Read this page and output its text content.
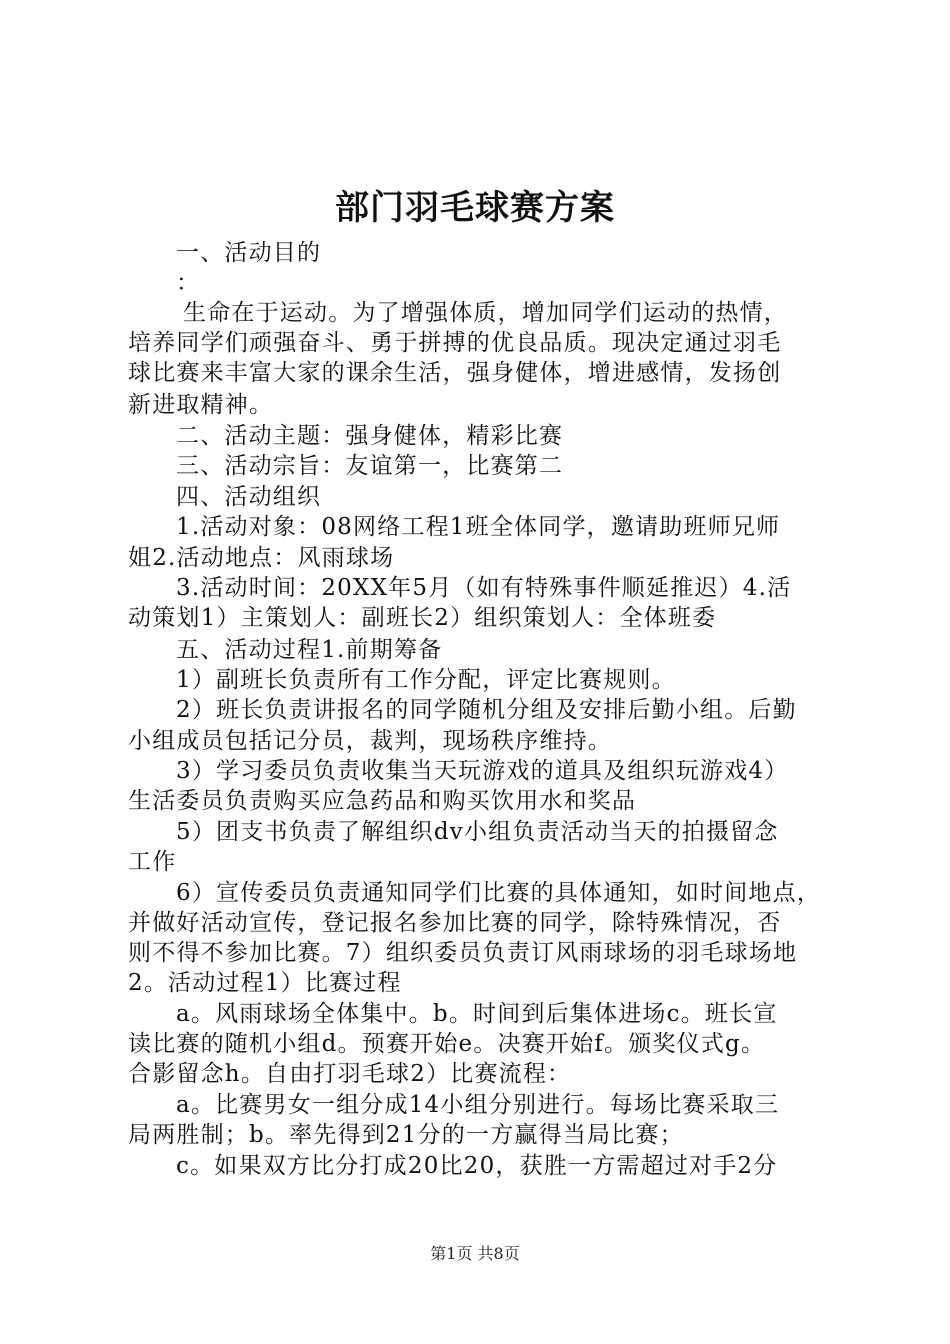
部门羽毛球赛方案
一、活动目的
：
生命在于运动。为了增强体质，增加同学们运动的热情，
培养同学们顽强奋斗、勇于拼搏的优良品质。现决定通过羽毛
球比赛来丰富大家的课余生活，强身健体，增进感情，发扬创
新进取精神。
二、活动主题：强身健体，精彩比赛
三、活动宗旨：友谊第一，比赛第二
四、活动组织
1.活动对象：08网络工程1班全体同学，邀请助班师兄师
姐2.活动地点：风雨球场
3.活动时间：20XX年5月（如有特殊事件顺延推迟）4.活
动策划1）主策划人：副班长2）组织策划人：全体班委
五、活动过程1.前期筹备
1）副班长负责所有工作分配，评定比赛规则。
2）班长负责讲报名的同学随机分组及安排后勤小组。后勤
小组成员包括记分员，裁判，现场秩序维持。
3）学习委员负责收集当天玩游戏的道具及组织玩游戏4）
生活委员负责购买应急药品和购买饮用水和奖品
5）团支书负责了解组织dv小组负责活动当天的拍摄留念
工作
6）宣传委员负责通知同学们比赛的具体通知，如时间地点，
并做好活动宣传，登记报名参加比赛的同学，除特殊情况，否
则不得不参加比赛。7）组织委员负责订风雨球场的羽毛球场地
2。活动过程1）比赛过程
a。风雨球场全体集中。b。时间到后集体进场c。班长宣
读比赛的随机小组d。预赛开始e。决赛开始f。颁奖仪式g。
合影留念h。自由打羽毛球2）比赛流程：
a。比赛男女一组分成14小组分别进行。每场比赛采取三
局两胜制；b。率先得到21分的一方赢得当局比赛；
c。如果双方比分打成20比20，获胜一方需超过对手2分
第1页 共8页
